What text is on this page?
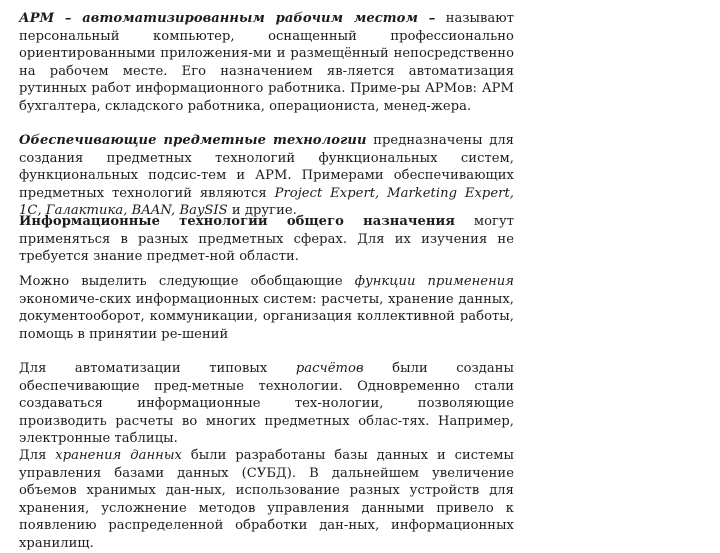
АРМ – автоматизированным рабочим местом – называют персональный компьютер, оснащенный профессионально ориентированными приложения-ми и размещённый непосредственно на рабочем месте. Его назначением яв-ляется автоматизация рутинных работ информационного работника. Приме-ры АРМов: АРМ бухгалтера, складского работника, операциониста, менед-жера.

Обеспечивающие предметные технологии предназначены для создания предметных технологий функциональных систем, функциональных подсис-тем и АРМ. Примерами обеспечивающих предметных технологий являются Project Expert, Marketing Expert, 1С, Галактика, BAAN, BaySIS и другие.

Информационные технологии общего назначения могут применяться в разных предметных сферах. Для их изучения не требуется знание предмет-ной области.

Можно выделить следующие обобщающие функции применения экономиче-ских информационных систем: расчеты, хранение данных, документооборот, коммуникации, организация коллективной работы, помощь в принятии ре-шений

Для автоматизации типовых расчётов были созданы обеспечивающие пред-метные технологии. Одновременно стали создаваться информационные тех-нологии, позволяющие производить расчеты во многих предметных облас-тях. Например, электронные таблицы.

Для хранения данных были разработаны базы данных и системы управления базами данных (СУБД). В дальнейшем увеличение объемов хранимых дан-ных, использование разных устройств для хранения, усложнение методов управления данными привело к появлению распределенной обработки дан-ных, информационных хранилищ.
